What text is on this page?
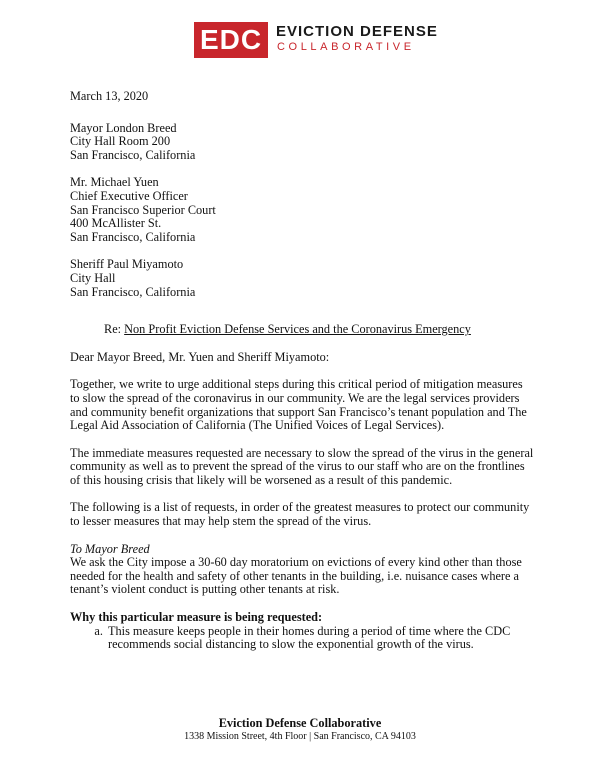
EDC EVICTION DEFENSE
COLLABORATIVE

March 13, 2020

Mayor London Breed

City Hall Room 200

San Francisco, California

Mr. Michael Yuen

Chief Executive Officer

San Francisco Superior Court

400 McAllister St.

San Francisco, California

Sheriff Paul Miyamoto

City Hall

San Francisco, California

Re: Non Profit Eviction Defense Services and the Coronavirus Emergency

Dear Mayor Breed, Mr. Yuen and Sheriff Miyamoto:

Together, we write to urge additional steps during this critical period of mitigation measures to slow the spread of the coronavirus in our community. We are the legal services providers and community benefit organizations that support San Francisco’s tenant population and The Legal Aid Association of California (The Unified Voices of Legal Services).

The immediate measures requested are necessary to slow the spread of the virus in the general community as well as to prevent the spread of the virus to our staff who are on the frontlines of this housing crisis that likely will be worsened as a result of this pandemic.

The following is a list of requests, in order of the greatest measures to protect our community to lesser measures that may help stem the spread of the virus.

To Mayor Breed

We ask the City impose a 30-60 day moratorium on evictions of every kind other than those needed for the health and safety of other tenants in the building, i.e. nuisance cases where a tenant’s violent conduct is putting other tenants at risk.

Why this particular measure is being requested:

a. This measure keeps people in their homes during a period of time where the CDC recommends social distancing to slow the exponential growth of the virus.
Eviction Defense Collaborative
1338 Mission Street, 4th Floor | San Francisco, CA 94103
